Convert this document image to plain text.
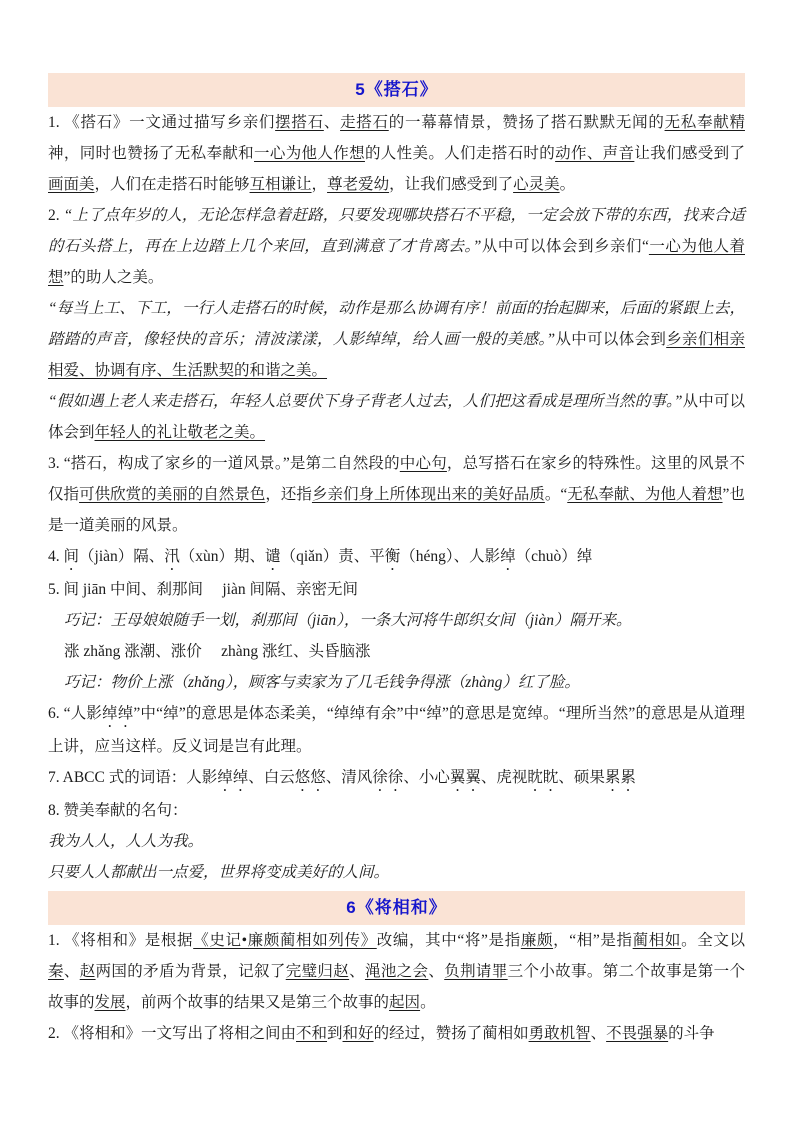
5《搭石》

1. 《搭石》一文通过描写乡亲们摆搭石、走搭石的一幕幕情景，赞扬了搭石默默无闻的无私奉献精神，同时也赞扬了无私奉献和一心为他人作想的人性美。人们走搭石时的动作、声音让我们感受到了画面美，人们在走搭石时能够互相谦让，尊老爱幼，让我们感受到了心灵美。

2. “上了点年岁的人，无论怎样急着赶路，只要发现哪块搭石不平稳，一定会放下带的东西，找来合适的石头搭上，再在上边踏上几个来回，直到满意了才肯离去。”从中可以体会到乡亲们“一心为他人着想”的助人之美。

“每当上工、下工，一行人走搭石的时候，动作是那么协调有序！前面的抬起脚来，后面的紧跟上去，踏踏的声音，像轻快的音乐；清波漾漾，人影绰绰，给人画一般的美感。”从中可以体会到乡亲们相亲相爱、协调有序、生活默契的和谐之美。

“假如遇上老人来走搭石，年轻人总要伏下身子背老人过去，人们把这看成是理所当然的事。”从中可以体会到年轻人的礼让敬老之美。

3. “搭石，构成了家乡的一道风景。”是第二自然段的中心句，总写搭石在家乡的特殊性。这里的风景不仅指可供欣赏的美丽的自然景色，还指乡亲们身上所体现出来的美好品质。“无私奉献、为他人着想”也是一道美丽的风景。

4. 间（jiàn）隔、汛（xùn）期、谴（qiǎn）责、平衡（héng）、人影绰（chuò）绰

5. 间 jiān 中间、刹那间　 jiàn 间隔、亲密无间

巧记：王母娘娘随手一划，刹那间（jiān），一条大河将牛郎织女间（jiàn）隔开来。

涨 zhǎng 涨潮、涨价　 zhàng 涨红、头昏脑涨

巧记：物价上涨（zhǎng），顾客与卖家为了几毛钱争得涨（zhàng）红了脸。

6. “人影绰绰”中“绰”的意思是体态柔美，“绰绰有余”中“绰”的意思是宽绰。“理所当然”的意思是从道理上讲，应当这样。反义词是岂有此理。

7. ABCC 式的词语：人影绰绰、白云悠悠、清风徐徐、小心翼翼、虎视眈眈、硕果累累

8. 赞美奉献的名句：

我为人人，人人为我。

只要人人都献出一点爱，世界将变成美好的人间。

6《将相和》

1. 《将相和》是根据《史记•廉颇蔺相如列传》改编，其中“将”是指廉颇，“相”是指蔺相如。全文以秦、赵两国的矛盾为背景，记叙了完璧归赵、渑池之会、负荆请罪三个小故事。第二个故事是第一个故事的发展，前两个故事的结果又是第三个故事的起因。

2. 《将相和》一文写出了将相之间由不和到和好的经过，赞扬了蔺相如勇敢机智、不畏强暴的斗争
